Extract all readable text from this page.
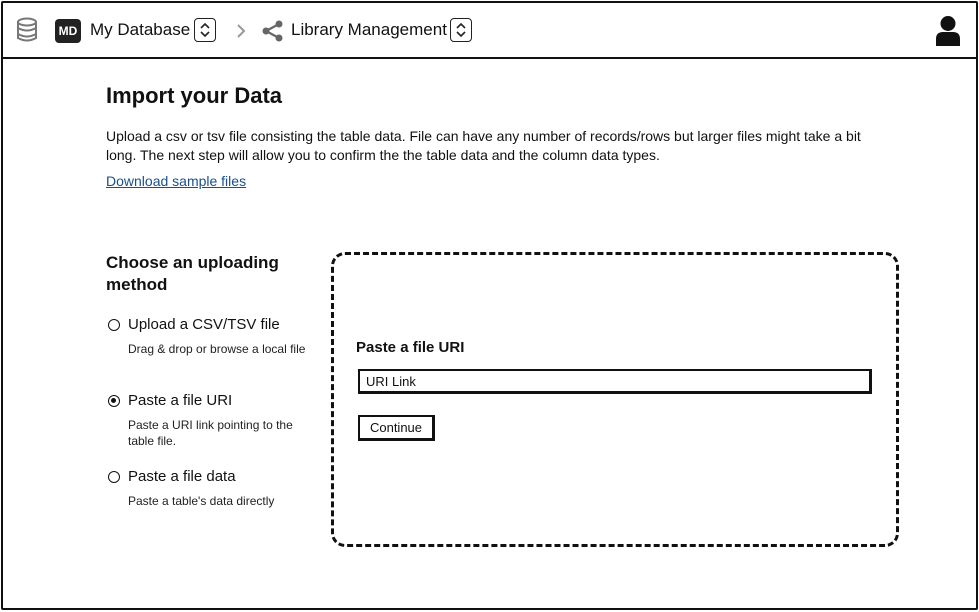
MD My Database	Library Management
Import your Data

Upload a csv or tsv file consisting the table data. File can have any number of records/rows but larger files might take a bit long. The next step will allow you to confirm the the table data and the column data types.

Download sample files
Choose an uploading method
Upload a CSV/TSV file
Drag & drop or browse a local file
Paste a file URI
Paste a URI link pointing to the table file.
Paste a file data
Paste a table's data directly
Paste a file URI
URI Link
Continue
